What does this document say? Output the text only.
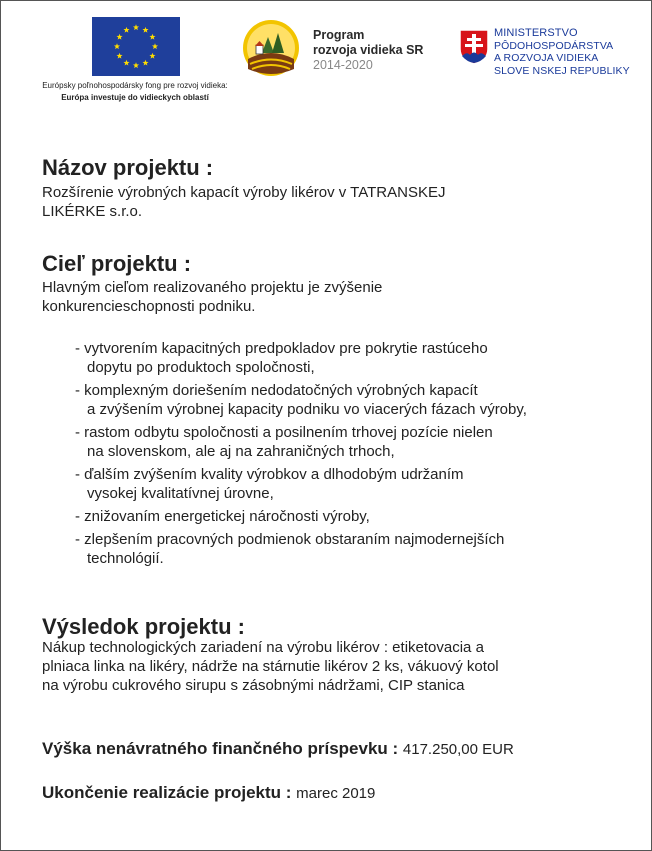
Európsky poľnohospodársky fong pre rozvoj vidieka:
Európa investuje do vidieckych oblastí
Program
rozvoja vidieka SR
2014-2020
MINISTERSTVO
PÔDOHOSPODÁRSTVA
A ROZVOJA VIDIEKA
SLOVE NSKEJ REPUBLIKY
Názov projektu :

Rozšírenie výrobných kapacít výroby likérov v TATRANSKEJ

LIKÉRKE s.r.o.

Cieľ projektu :

Hlavným cieľom realizovaného projektu je zvýšenie

konkurencieschopnosti podniku.

- vytvorením kapacitných predpokladov pre pokrytie rastúceho
dopytu po produktoch spoločnosti,
- komplexným doriešením nedodatočných výrobných kapacít
a zvýšením výrobnej kapacity podniku vo viacerých fázach výroby,
- rastom odbytu spoločnosti a posilnením trhovej pozície nielen
na slovenskom, ale aj na zahraničných trhoch,
- ďalším zvýšením kvality výrobkov a dlhodobým udržaním
vysokej kvalitatívnej úrovne,
- znižovaním energetickej náročnosti výroby,
- zlepšením pracovných podmienok obstaraním najmodernejších
technológií.
Výsledok projektu :

Nákup technologických zariadení na výrobu likérov : etiketovacia a

plniaca linka na likéry, nádrže na stárnutie likérov 2 ks, vákuový kotol

na výrobu cukrového sirupu s zásobnými nádržami, CIP stanica

Výška nenávratného finančného príspevku : 417.250,00 EUR
Ukončenie realizácie projektu : marec 2019
